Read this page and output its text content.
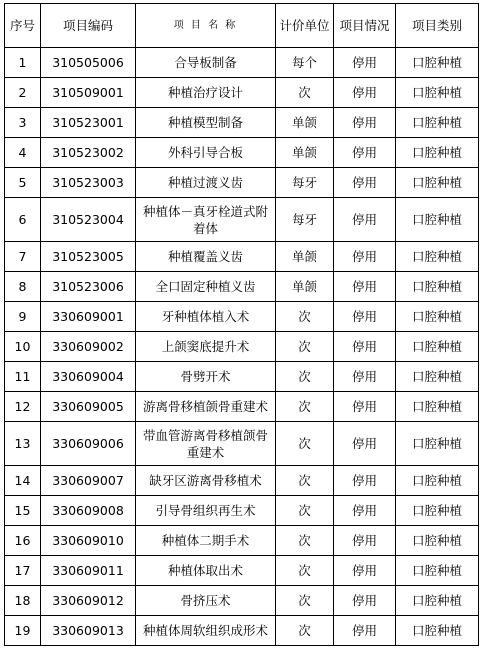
序号	项目编码	项 目 名 称	计价单位	项目情况	项目类别
1	310505006	合导板制备	每个	停用	口腔种植
2	310509001	种植治疗设计	次	停用	口腔种植
3	310523001	种植模型制备	单颌	停用	口腔种植
4	310523002	外科引导合板	单颌	停用	口腔种植
5	310523003	种植过渡义齿	每牙	停用	口腔种植
6	310523004	种植体－真牙栓道式附着体	每牙	停用	口腔种植
7	310523005	种植覆盖义齿	单颌	停用	口腔种植
8	310523006	全口固定种植义齿	单颌	停用	口腔种植
9	330609001	牙种植体植入术	次	停用	口腔种植
10	330609002	上颌窦底提升术	次	停用	口腔种植
11	330609004	骨劈开术	次	停用	口腔种植
12	330609005	游离骨移植颌骨重建术	次	停用	口腔种植
13	330609006	带血管游离骨移植颌骨重建术	次	停用	口腔种植
14	330609007	缺牙区游离骨移植术	次	停用	口腔种植
15	330609008	引导骨组织再生术	次	停用	口腔种植
16	330609010	种植体二期手术	次	停用	口腔种植
17	330609011	种植体取出术	次	停用	口腔种植
18	330609012	骨挤压术	次	停用	口腔种植
19	330609013	种植体周软组织成形术	次	停用	口腔种植
